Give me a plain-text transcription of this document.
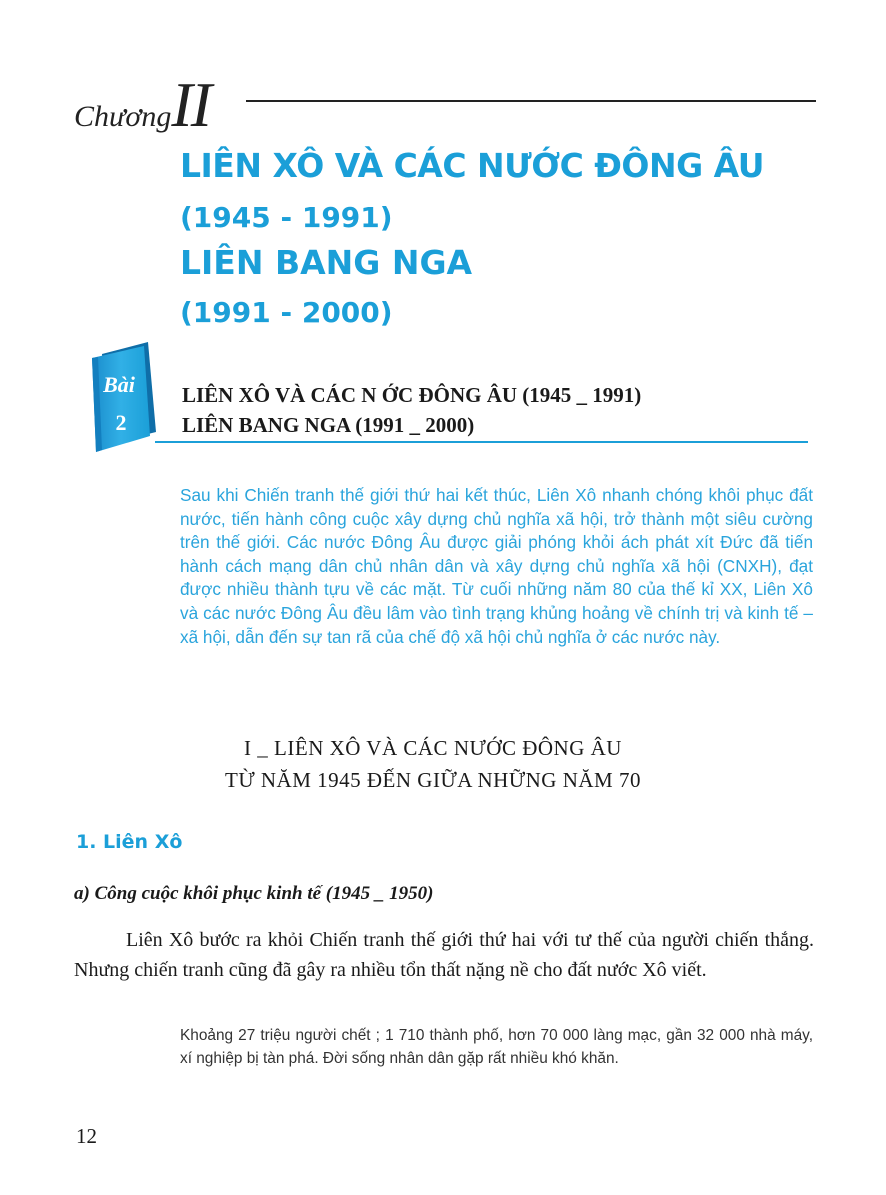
ChươngII
LIÊN XÔ VÀ CÁC NƯỚC ĐÔNG ÂU
(1945 - 1991)
LIÊN BANG NGA
(1991 - 2000)
Bài
2
LIÊN XÔ VÀ CÁC N ỚC ĐÔNG ÂU (1945 _ 1991)
LIÊN BANG NGA (1991 _ 2000)
Sau khi Chiến tranh thế giới thứ hai kết thúc, Liên Xô nhanh chóng khôi phục đất nước, tiến hành công cuộc xây dựng chủ nghĩa xã hội, trở thành một siêu cường trên thế giới. Các nước Đông Âu được giải phóng khỏi ách phát xít Đức đã tiến hành cách mạng dân chủ nhân dân và xây dựng chủ nghĩa xã hội (CNXH), đạt được nhiều thành tựu về các mặt. Từ cuối những năm 80 của thế kỉ XX, Liên Xô và các nước Đông Âu đều lâm vào tình trạng khủng hoảng về chính trị và kinh tế – xã hội, dẫn đến sự tan rã của chế độ xã hội chủ nghĩa ở các nước này.
I _ LIÊN XÔ VÀ CÁC NƯỚC ĐÔNG ÂU
TỪ NĂM 1945 ĐẾN GIỮA NHỮNG NĂM 70
1. Liên Xô
a) Công cuộc khôi phục kinh tế (1945 _ 1950)
Liên Xô bước ra khỏi Chiến tranh thế giới thứ hai với tư thế của người chiến thắng. Nhưng chiến tranh cũng đã gây ra nhiều tổn thất nặng nề cho đất nước Xô viết.
Khoảng 27 triệu người chết ; 1 710 thành phố, hơn 70 000 làng mạc, gần 32 000 nhà máy, xí nghiệp bị tàn phá. Đời sống nhân dân gặp rất nhiều khó khăn.
12
